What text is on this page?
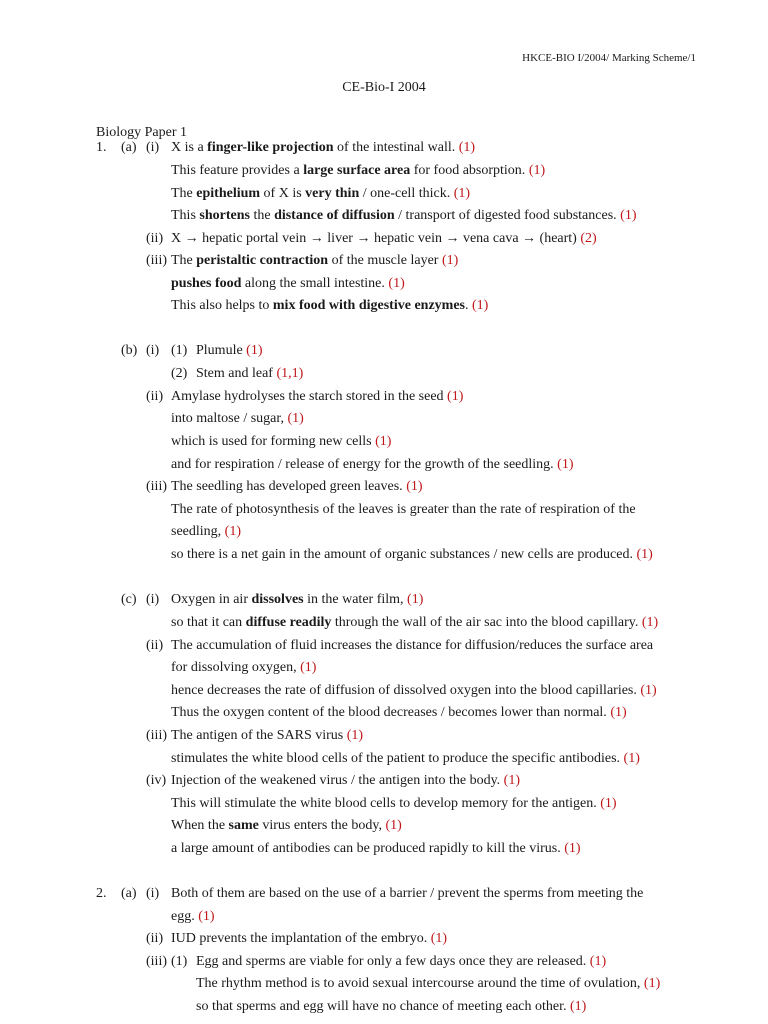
HKCE-BIO I/2004/ Marking Scheme/1
CE-Bio-I 2004
Biology Paper 1
1. (a) (i) X is a finger-like projection of the intestinal wall. (1)
This feature provides a large surface area for food absorption. (1)
The epithelium of X is very thin / one-cell thick. (1)
This shortens the distance of diffusion / transport of digested food substances. (1)
(ii) X → hepatic portal vein → liver → hepatic vein → vena cava → (heart) (2)
(iii) The peristaltic contraction of the muscle layer (1)
pushes food along the small intestine. (1)
This also helps to mix food with digestive enzymes. (1)
(b) (i) (1) Plumule (1)
(2) Stem and leaf (1,1)
(ii) Amylase hydrolyses the starch stored in the seed (1)
into maltose / sugar, (1)
which is used for forming new cells (1)
and for respiration / release of energy for the growth of the seedling. (1)
(iii) The seedling has developed green leaves. (1)
The rate of photosynthesis of the leaves is greater than the rate of respiration of the
seedling, (1)
so there is a net gain in the amount of organic substances / new cells are produced. (1)
(c) (i) Oxygen in air dissolves in the water film, (1)
so that it can diffuse readily through the wall of the air sac into the blood capillary. (1)
(ii) The accumulation of fluid increases the distance for diffusion/reduces the surface area
for dissolving oxygen, (1)
hence decreases the rate of diffusion of dissolved oxygen into the blood capillaries. (1)
Thus the oxygen content of the blood decreases / becomes lower than normal. (1)
(iii) The antigen of the SARS virus (1)
stimulates the white blood cells of the patient to produce the specific antibodies. (1)
(iv) Injection of the weakened virus / the antigen into the body. (1)
This will stimulate the white blood cells to develop memory for the antigen. (1)
When the same virus enters the body, (1)
a large amount of antibodies can be produced rapidly to kill the virus. (1)
2. (a) (i) Both of them are based on the use of a barrier / prevent the sperms from meeting the
egg. (1)
(ii) IUD prevents the implantation of the embryo. (1)
(iii) (1) Egg and sperms are viable for only a few days once they are released. (1)
The rhythm method is to avoid sexual intercourse around the time of ovulation, (1)
so that sperms and egg will have no chance of meeting each other. (1)
